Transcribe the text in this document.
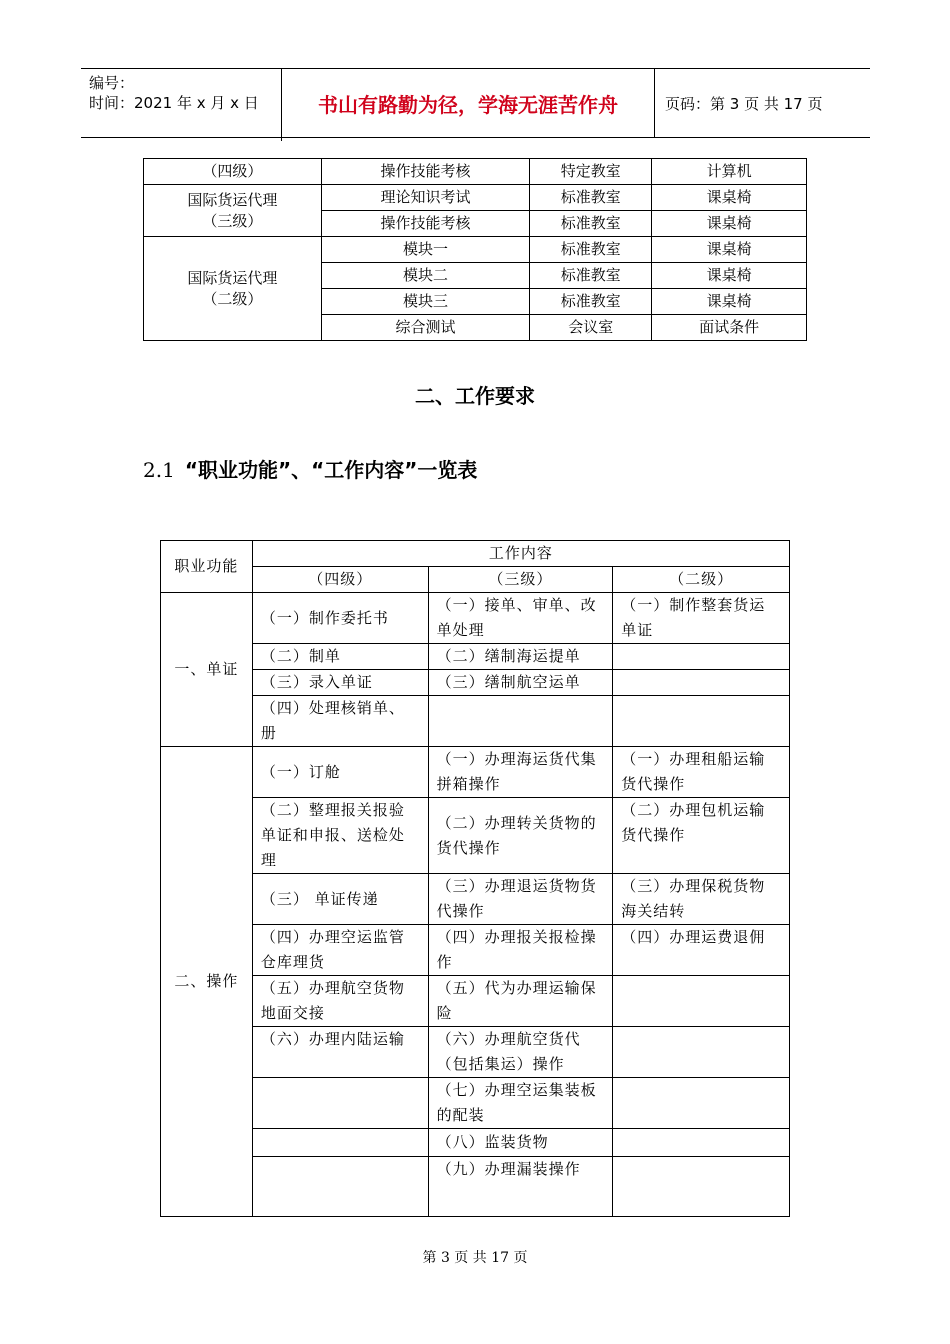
编号：
时间：2021 年 x 月 x 日	书山有路勤为径，学海无涯苦作舟	页码：第 3 页 共 17 页
（四级）	操作技能考核	特定教室	计算机

国际货运代理
（三级）	理论知识考试	标准教室	课桌椅
	操作技能考核	标准教室	课桌椅

国际货运代理
（二级）	模块一	标准教室	课桌椅
	模块二	标准教室	课桌椅
	模块三	标准教室	课桌椅
	综合测试	会议室	面试条件
二、工作要求
2.1 “职业功能”、“工作内容”一览表
职业功能	工作内容		
	（四级）	（三级）	（二级）
一、单证	（一）制作委托书	（一）接单、审单、改单处理	（一）制作整套货运单证
	（二）制单	（二）缮制海运提单	
	（三）录入单证	（三）缮制航空运单	
	（四）处理核销单、册		
二、操作	（一）订舱	（一）办理海运货代集拼箱操作	（一）办理租船运输货代操作
	（二）整理报关报验单证和申报、送检处理	（二）办理转关货物的货代操作	（二）办理包机运输货代操作
	（三） 单证传递	（三）办理退运货物货代操作	（三）办理保税货物海关结转
	（四）办理空运监管仓库理货	（四）办理报关报检操作	（四）办理运费退佣
	（五）办理航空货物地面交接	（五）代为办理运输保险	
	（六）办理内陆运输	（六）办理航空货代（包括集运）操作	
		（七）办理空运集装板的配装	
		（八）监装货物	
		（九）办理漏装操作	
第 3 页 共 17 页
